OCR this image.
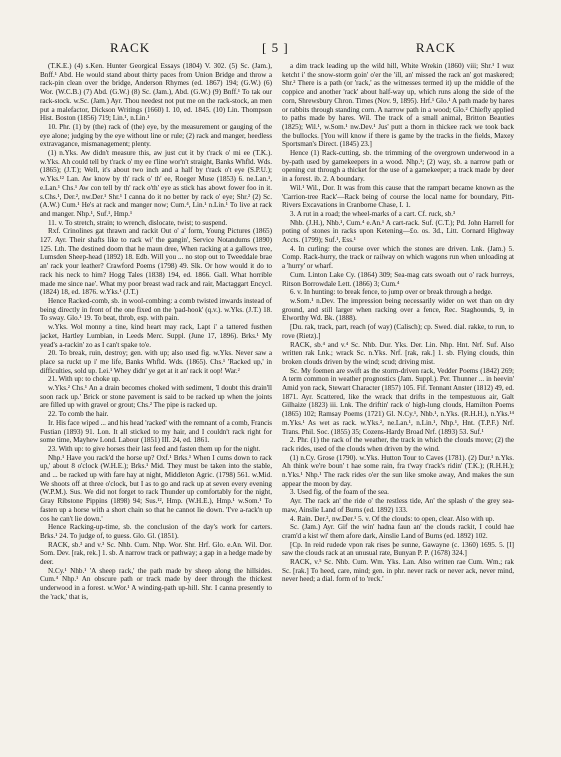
RACK	[ 5 ]	RACK

(T.K.E.) (4) s.Ken. Hunter Georgical Essays (1804) V. 302. (5) Sc. (Jam.), Bnff.¹ Abd. He would stand about thirty paces from Union Bridge and throw a rack-pin clean over the bridge, Anderson Rhymes (ed. 1867) 194; (G.W.) (6) Wor. (W.C.B.) (7) Abd. (G.W.) (8) Sc. (Jam.), Abd. (G.W.) (9) Bnff.¹ To tak our rack-stock. w.Sc. (Jam.) Ayr. Thou needest not put me on the rack-stock, an men put a malefactor, Dickson Writings (1660) I. 10, ed. 1845. (10) Lin. Thompson Hist. Boston (1856) 719; Lin.¹, n.Lin.¹

10. Phr. (1) by (the) rack of (the) eye, by the measurement or gauging of the eye alone; judging by the eye without line or rule; (2) rack and manger, heedless extravagance, mismanagement; plenty.

(1) n.Yks. Aw didn't measure this, aw just cut it by t'rack o' mi ee (T.K.). w.Yks. Ah could tell by t'rack o' my ee t'line wor'n't straight, Banks Whfld. Wds. (1865); (J.T.); Well, it's about two inch and a half by t'rack o't eye (S.P.U.); w.Yks.¹² Lan. Aw know by th' rack o' th' ee, Roeger Muse (1853) 6. ne.Lan.¹, e.Lan.¹ Chs.¹ Aw con tell by th' rack o'th' eye as stick has abowt fower foo in it. s.Chs.¹, Der.², nw.Der.¹ Shr.¹ I canna do it no better by rack o' eye; Shr.² (2) Sc. (A.W.) Cum.¹ He's at rack and manger now; Cum.⁴, Lin.¹ n.Lin.¹ To live at rack and manger. Nhp.¹, Suf.¹, Hmp.¹

11. v. To stretch, strain; to wrench, dislocate, twist; to suspend.

Rxf. Crinolines gat thrawn and rackit Out o' a' form, Young Pictures (1865) 127. Ayr. Their shafts like to rack wi' the gangin', Service Notandums (1890) 125. Lth. The destined doom that he maun dree, When racking at a gallows tree, Lumsden Sheep-head (1892) 18. Edb. Will you ... no stop out to Tweeddale brae an' rack your leather? Crawford Poems (1798) 49. Slk. Or how would it do to rack his neck to him? Hogg Tales (1838) 194, ed. 1866. Gall. What horrible made me since nae'. What my poor breast wad rack and rair, Mactaggart Encycl. (1824) 18, ed. 1876. w.Yks.¹ (J.T.)

Hence Racked-comb, sb. in wool-combing: a comb twisted inwards instead of being directly in front of the one fixed on the 'pad-hook' (q.v.). w.Yks. (J.T.) 18. To sway. Glo.¹ 19. To beat, throb, esp. with pain.

w.Yks. Wol monny a tine, kind heart may rack, Lapt i' a tattered fusthen jacket, Hartley Lumbian, in Leeds Merc. Suppl. (June 17, 1896). Brks.¹ My yead's a-rackin' zo as I can't spake to'e.

20. To break, ruin, destroy; gen. with up; also used fig. w.Yks. Never saw a place sa ruckt up i' me life, Banks Whfld. Wds. (1865). Chs.¹ 'Racked up,' in difficulties, sold up. Lei.¹ Whey didn' ye get at it an' rack it oop! War.²

21. With up: to choke up.

w.Yks.² Chs.¹ An a drain becomes choked with sediment, 'I doubt this drain'll soon rack up.' Brick or stone pavement is said to be racked up when the joints are filled up with gravel or grout; Chs.² The pipe is racked up.

22. To comb the hair.

Ir. His face wiped ... and his head 'racked' with the remnant of a comb, Francis Fustian (1893) 91. Lon. It all sticked to my hair, and I couldn't rack right for some time, Mayhew Lond. Labour (1851) III. 24, ed. 1861.

23. With up: to give horses their last feed and fasten them up for the night.

Nhp.¹ Have you rack'd the horse up? Oxf.¹ Brks.¹ When I cums down to rack up,' about 8 o'clock (W.H.E.); Brks.¹ Mid. They must be taken into the stable, and ... be racked up with fare hay at night, Middleton Agric. (1798) 561. w.Mid. We shoots off at three o'clock, but I as to go and rack up at seven every evening (W.P.M.). Sus. We did not forget to rack Thunder up comfortably for the night, Gray Ribstone Pippins (1898) 94; Sus.¹², Hmp. (W.H.E.), Hmp.¹ w.Som.¹ To fasten up a horse with a short chain so that he cannot lie down. 'I've a-rack'n up cos he can't lie down.'

Hence Racking-up-time, sb. the conclusion of the day's work for carters. Brks.¹ 24. To judge of, to guess. Glo. Gl. (1851).

RACK, sb.³ and v.³ Sc. Nhb. Cum. Nhp. Wor. Shr. Hrf. Glo. e.An. Wil. Dor. Som. Dev. [rak, rek.] 1. sb. A narrow track or pathway; a gap in a hedge made by deer.

N.Cy.¹ Nhb.¹ 'A sheep rack,' the path made by sheep along the hillsides. Cum.⁴ Nhp.¹ An obscure path or track made by deer through the thickest underwood in a forest. w.Wor.¹ A winding-path up-hill. Shr. I canna presently to the 'rack,' that is,

a dim track leading up the wild hill, White Wrekin (1860) viii; Shr.¹ I wuz ketcht i' the snow-storm goin' o'er the 'ill, an' missed the rack an' got maskered; Shr.² There is a path (or 'rack,' as the witnesses termed it) up the middle of the coppice and another 'rack' about half-way up, which runs along the side of the corn, Shrewsbury Chron. Times (Nov. 9, 1895). Hrf.¹ Glo.¹ A path made by hares or rabbits through standing corn. A narrow path in a wood; Glo.² Chiefly applied to paths made by hares. Wil. The track of a small animal, Britton Beauties (1825); Wil.¹, w.Som.¹ nw.Dev.¹ Jus' putt a thorn in thickee rack we took back the bullocks. [You will know if there is game by the tracks in the fields, Maxey Sportsman's Direct. (1845) 23.]

Hence (1) Rack-cutting, sb. the trimming of the overgrown underwood in a by-path used by gamekeepers in a wood. Nhp.¹; (2) way, sb. a narrow path or opening cut through a thicket for the use of a gamekeeper; a track made by deer in a forest. ib. 2. A boundary.

Wil.¹ Wil., Dor. It was from this cause that the rampart became known as the 'Carrion-tree Rack'—Rack being of course the local name for boundary, Pitt-Rivers Excavations in Cranborne Chase, I. 1.

3. A rut in a road; the wheel-marks of a cart. Cf. ruck, sb.³

Nhb. (J.H.), Nhb.¹, Cum.⁴ e.An.¹ A cart-rack. Suf. (C.T.); Pd. John Harrell for poting of stones in racks upon Ketening—£o. os. 3d., Litt. Cornard Highway Accts. (1799); Suf.¹, Ess.¹

4. In curling: the course over which the stones are driven. Lnk. (Jam.) 5. Comp. Rack-hurry, the track or railway on which wagons run when unloading at a 'hurry' or wharf.

Cum. Linton Lake Cy. (1864) 309; Sea-mag cats swoath out o' rack hurreys, Ritson Borrowdale Lett. (1866) 3; Cum.⁴

6. v. In hunting: to break fence, to jump over or break through a hedge.

w.Som.¹ n.Dev. The impression being necessarily wider on wet than on dry ground, and still larger when racking over a fence, Rec. Staghounds, 9, in Elworthy Wd. Bk. (1888).

[Du. rak, track, part, reach (of way) (Calisch); cp. Swed. dial. rakke, to run, to rove (Rietz).]

RACK, sb.⁴ and v.⁴ Sc. Nhb. Dur. Yks. Der. Lin. Nhp. Hnt. Nrf. Suf. Also written rak Lnk.; wrack Sc. n.Yks. Nrf. [rak, rak.] 1. sb. Flying clouds, thin broken clouds driven by the wind; scud; driving mist.

Sc. My foemen are swift as the storm-driven rack, Vedder Poems (1842) 269; A term common in weather prognostics (Jam. Suppl.). Per. Thunner ... in heevin' Amid yon rack, Stewart Character (1857) 105. Fif. Tennant Anster (1812) 49, ed. 1871. Ayr. Scattered, like the wrack that drifts in the tempestuous air, Galt Gilhaize (1823) iii. Lnk. The driftin' rack o' high-lung clouds, Hamilton Poems (1865) 102; Ramsay Poems (1721) Gl. N.Cy.¹, Nhb.¹, n.Yks. (R.H.H.), n.Yks.¹⁴ m.Yks.¹ As wet as rack. w.Yks.², ne.Lan.¹, n.Lin.¹, Nhp.¹, Hnt. (T.P.F.) Nrf. Trans. Phil. Soc. (1855) 35; Cozens-Hardy Broad Nrf. (1893) 53. Suf.¹

2. Phr. (1) the rack of the weather, the track in which the clouds move; (2) the rack rides, used of the clouds when driven by the wind.

(1) n.Cy. Grose (1790). w.Yks. Hutton Tour to Caves (1781). (2) Dur.¹ n.Yks. Ah think we're boun' t hae some rain, fra t'way t'rack's ridin' (T.K.); (R.H.H.); n.Yks.¹ Nhp.¹ The rack rides o'er the sun like smoke away, And makes the sun appear the moon by day.

3. Used fig. of the foam of the sea.

Ayr. The rack an' the ride o' the restless tide, An' the splash o' the grey sea-maw, Ainslie Land of Burns (ed. 1892) 133.

4. Rain. Der.², nw.Der.¹ 5. v. Of the clouds: to open, clear. Also with up.

Sc. (Jam.) Ayr. Gif the win' hadna faun an' the clouds rackit, I could hae cram'd a kist wi' them afore dark, Ainslie Land of Burns (ed. 1892) 102.

[Cp. In reid rudede vpon rak rises þe sunne, Gawayne (c. 1360) 1695. 5. [I] saw the clouds rack at an unusual rate, Bunyan P. P. (1678) 324.]

RACK, v.⁵ Sc. Nhb. Cum. Wm. Yks. Lan. Also written rae Cum. Wm.; rak Sc. [rak.] To heed, care, mind; gen. in phr. never rack or never ack, never mind, never heed; a dial. form of to 'reck.'
